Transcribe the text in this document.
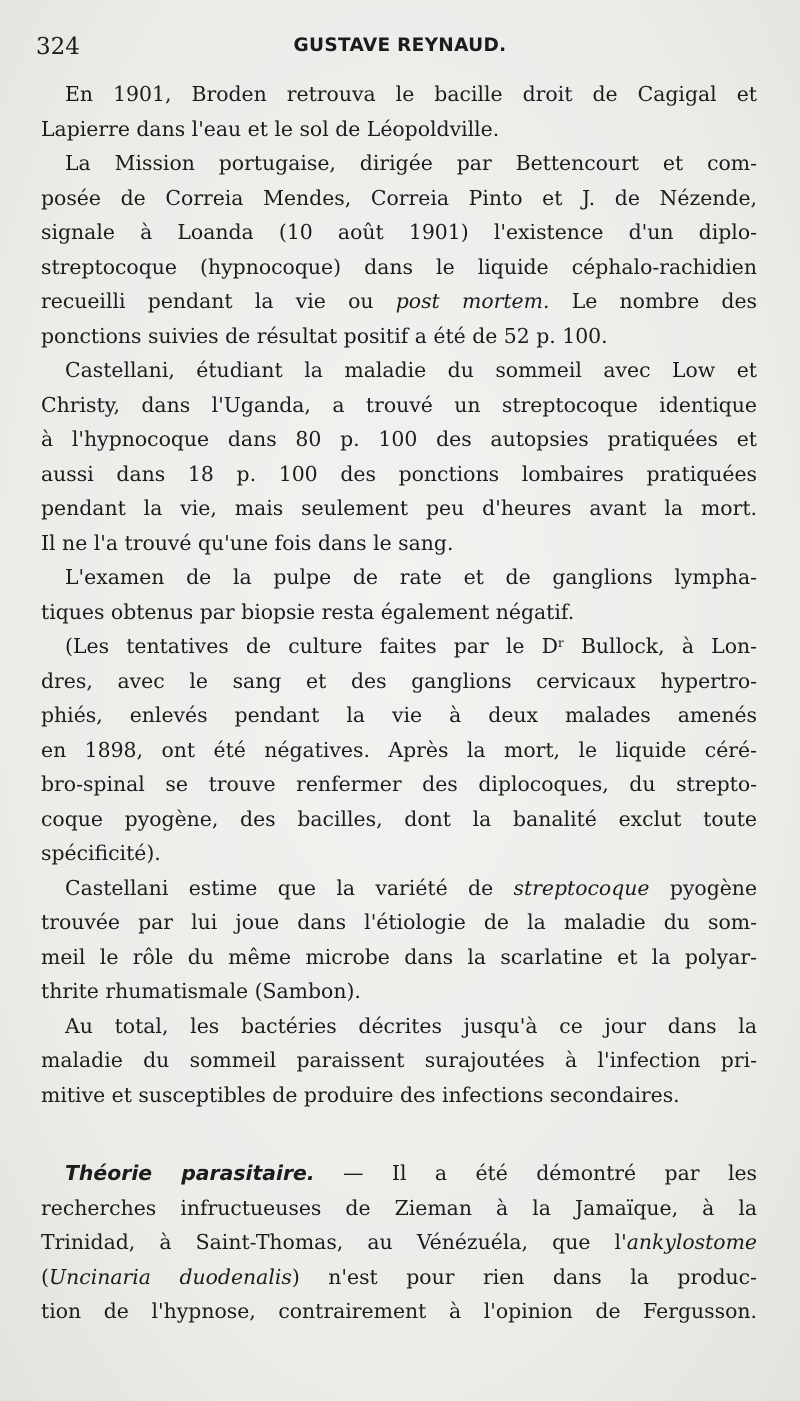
324	GUSTAVE REYNAUD.
En 1901, Broden retrouva le bacille droit de Cagigal et
Lapierre dans l'eau et le sol de Léopoldville.
La Mission portugaise, dirigée par Bettencourt et com-
posée de Correia Mendes, Correia Pinto et J. de Nézende,
signale à Loanda (10 août 1901) l'existence d'un diplo-
streptocoque (hypnocoque) dans le liquide céphalo-rachidien
recueilli pendant la vie ou post mortem. Le nombre des
ponctions suivies de résultat positif a été de 52 p. 100.
Castellani, étudiant la maladie du sommeil avec Low et
Christy, dans l'Uganda, a trouvé un streptocoque identique
à l'hypnocoque dans 80 p. 100 des autopsies pratiquées et
aussi dans 18 p. 100 des ponctions lombaires pratiquées
pendant la vie, mais seulement peu d'heures avant la mort.
Il ne l'a trouvé qu'une fois dans le sang.
L'examen de la pulpe de rate et de ganglions lympha-
tiques obtenus par biopsie resta également négatif.
(Les tentatives de culture faites par le $D^r$ Bullock, à Lon-
dres, avec le sang et des ganglions cervicaux hypertro-
phiés, enlevés pendant la vie à deux malades amenés
en 1898, ont été négatives. Après la mort, le liquide céré-
bro-spinal se trouve renfermer des diplocoques, du strepto-
coque pyogène, des bacilles, dont la banalité exclut toute
spécificité).
Castellani estime que la variété de streptocoque pyogène
trouvée par lui joue dans l'étiologie de la maladie du som-
meil le rôle du même microbe dans la scarlatine et la polyar-
thrite rhumatismale (Sambon).
Au total, les bactéries décrites jusqu'à ce jour dans la
maladie du sommeil paraissent surajoutées à l'infection pri-
mitive et susceptibles de produire des infections secondaires.
Théorie parasitaire. — Il a été démontré par les
recherches infructueuses de Zieman à la Jamaïque, à la
Trinidad, à Saint-Thomas, au Vénézuéla, que l'ankylostome
(Uncinaria duodenalis) n'est pour rien dans la produc-
tion de l'hypnose, contrairement à l'opinion de Fergusson.
